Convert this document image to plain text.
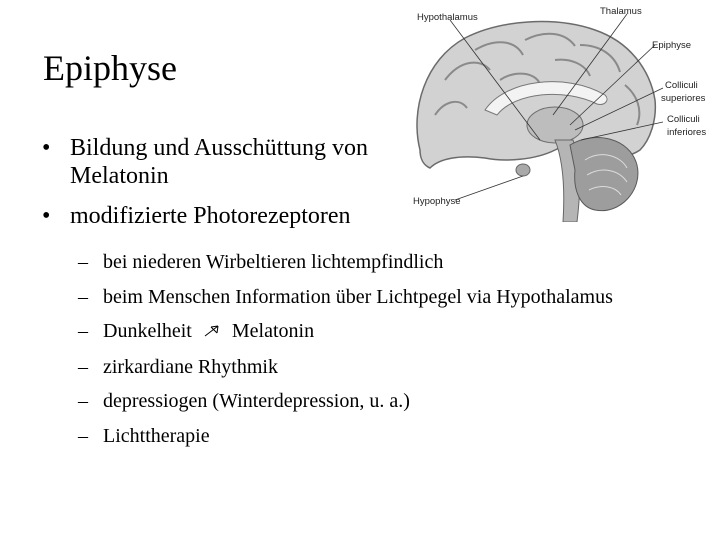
Epiphyse
• Bildung und Ausschüttung von Melatonin
• modifizierte Photorezeptoren
– bei niederen Wirbeltieren lichtempfindlich
– beim Menschen Information über Lichtpegel via Hypothalamus
– Dunkelheit Melatonin
– zirkardiane Rhythmik
– depressiogen (Winterdepression, u. a.)
– Lichttherapie
Hypothalamus
Thalamus
Epiphyse
Colliculi
superiores
Colliculi
inferiores
Hypophyse
